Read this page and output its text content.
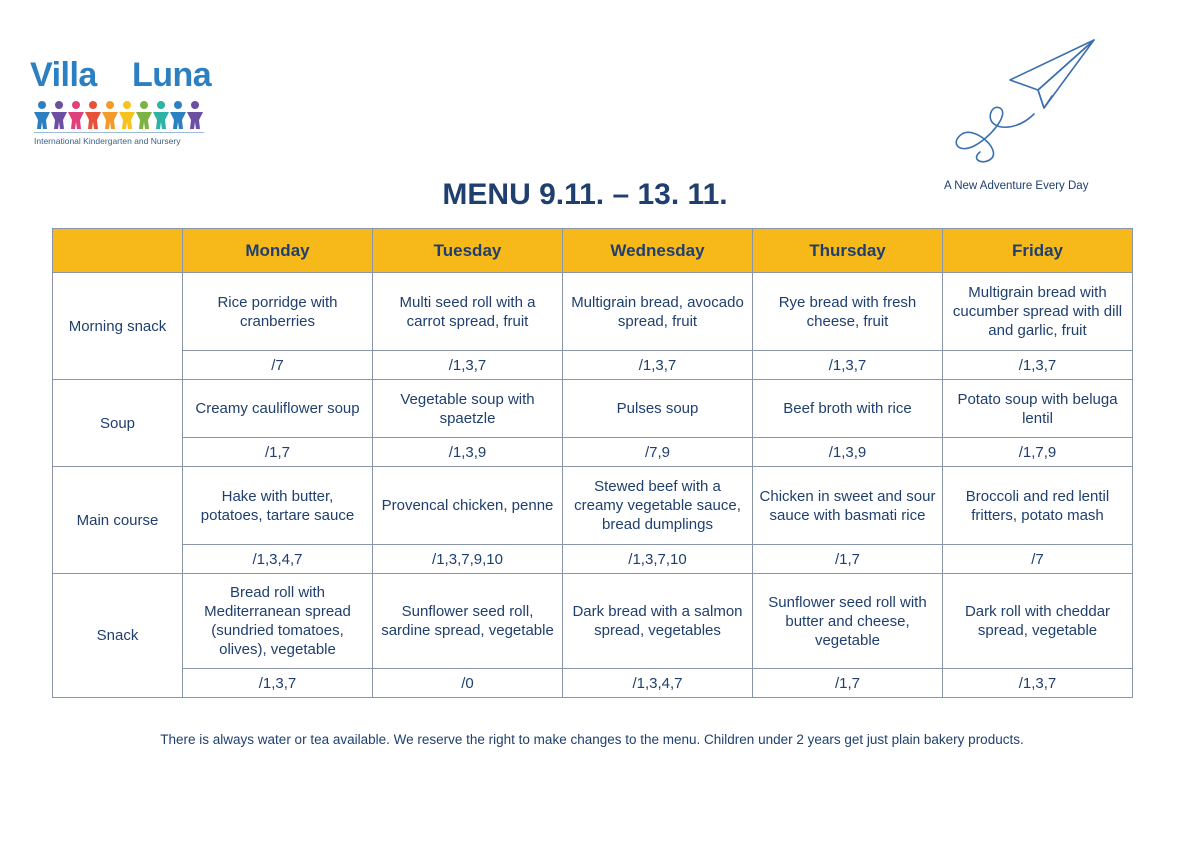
Villa Luna
International Kindergarten and Nursery
A New Adventure Every Day
MENU 9.11. – 13. 11.
	Monday	Tuesday	Wednesday	Thursday	Friday
Morning snack	Rice porridge with cranberries	Multi seed roll with a carrot spread, fruit	Multigrain bread, avocado spread, fruit	Rye bread with fresh cheese, fruit	Multigrain bread with cucumber spread with dill and garlic, fruit
	/7	/1,3,7	/1,3,7	/1,3,7	/1,3,7
Soup	Creamy cauliflower soup	Vegetable soup with spaetzle	Pulses soup	Beef broth with rice	Potato soup with beluga lentil
	/1,7	/1,3,9	/7,9	/1,3,9	/1,7,9
Main course	Hake with butter, potatoes, tartare sauce	Provencal chicken, penne	Stewed beef with a creamy vegetable sauce, bread dumplings	Chicken in sweet and sour sauce with basmati rice	Broccoli and red lentil fritters, potato mash
	/1,3,4,7	/1,3,7,9,10	/1,3,7,10	/1,7	/7
Snack	Bread roll with Mediterranean spread (sundried tomatoes, olives), vegetable	Sunflower seed roll, sardine spread, vegetable	Dark bread with a salmon spread, vegetables	Sunflower seed roll with butter and cheese, vegetable	Dark roll with cheddar spread, vegetable
	/1,3,7	/0	/1,3,4,7	/1,7	/1,3,7
There is always water or tea available. We reserve the right to make changes to the menu. Children under 2 years get just plain bakery products.
